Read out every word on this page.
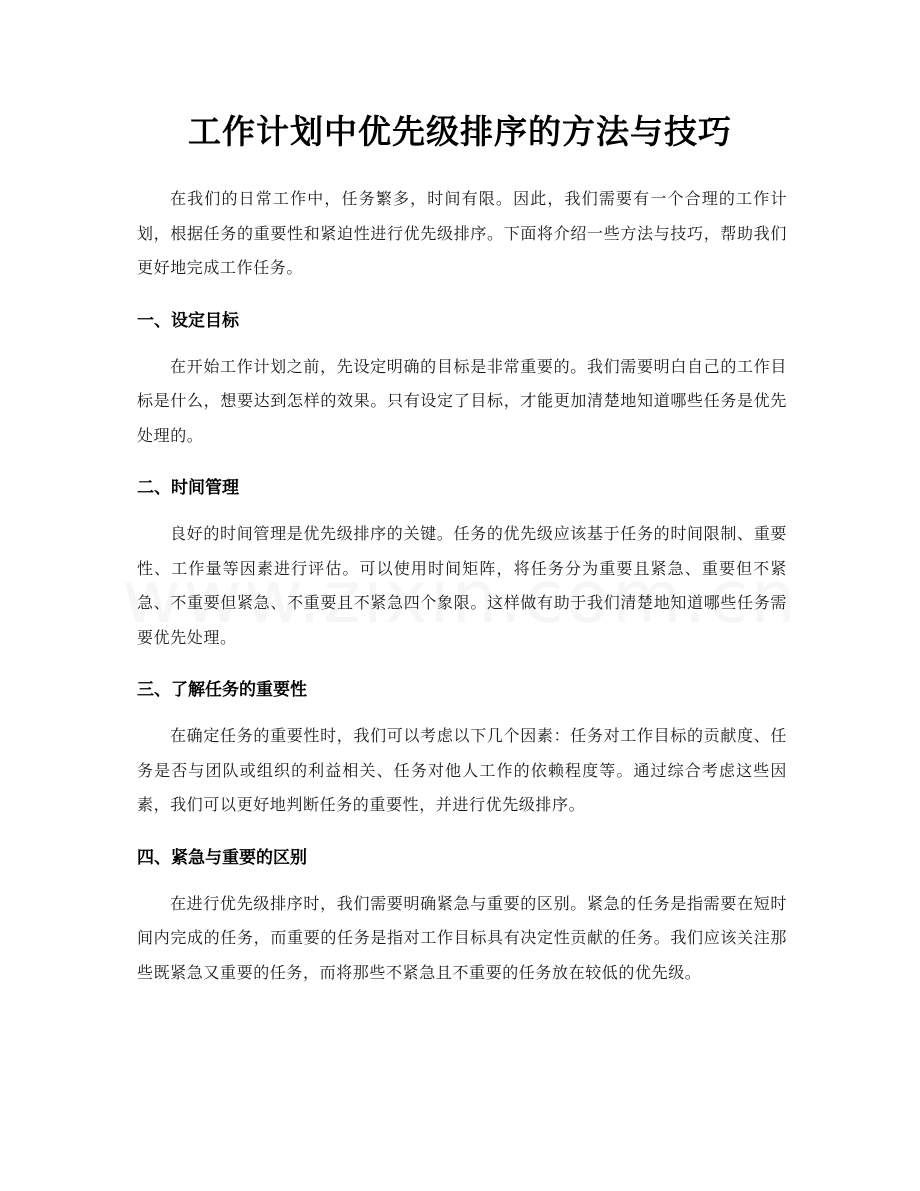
工作计划中优先级排序的方法与技巧

在我们的日常工作中，任务繁多，时间有限。因此，我们需要有一个合理的工作计划，根据任务的重要性和紧迫性进行优先级排序。下面将介绍一些方法与技巧，帮助我们更好地完成工作任务。

一、设定目标

在开始工作计划之前，先设定明确的目标是非常重要的。我们需要明白自己的工作目标是什么，想要达到怎样的效果。只有设定了目标，才能更加清楚地知道哪些任务是优先处理的。

二、时间管理

良好的时间管理是优先级排序的关键。任务的优先级应该基于任务的时间限制、重要性、工作量等因素进行评估。可以使用时间矩阵，将任务分为重要且紧急、重要但不紧急、不重要但紧急、不重要且不紧急四个象限。这样做有助于我们清楚地知道哪些任务需要优先处理。

三、了解任务的重要性

在确定任务的重要性时，我们可以考虑以下几个因素：任务对工作目标的贡献度、任务是否与团队或组织的利益相关、任务对他人工作的依赖程度等。通过综合考虑这些因素，我们可以更好地判断任务的重要性，并进行优先级排序。

四、紧急与重要的区别

在进行优先级排序时，我们需要明确紧急与重要的区别。紧急的任务是指需要在短时间内完成的任务，而重要的任务是指对工作目标具有决定性贡献的任务。我们应该关注那些既紧急又重要的任务，而将那些不紧急且不重要的任务放在较低的优先级。
